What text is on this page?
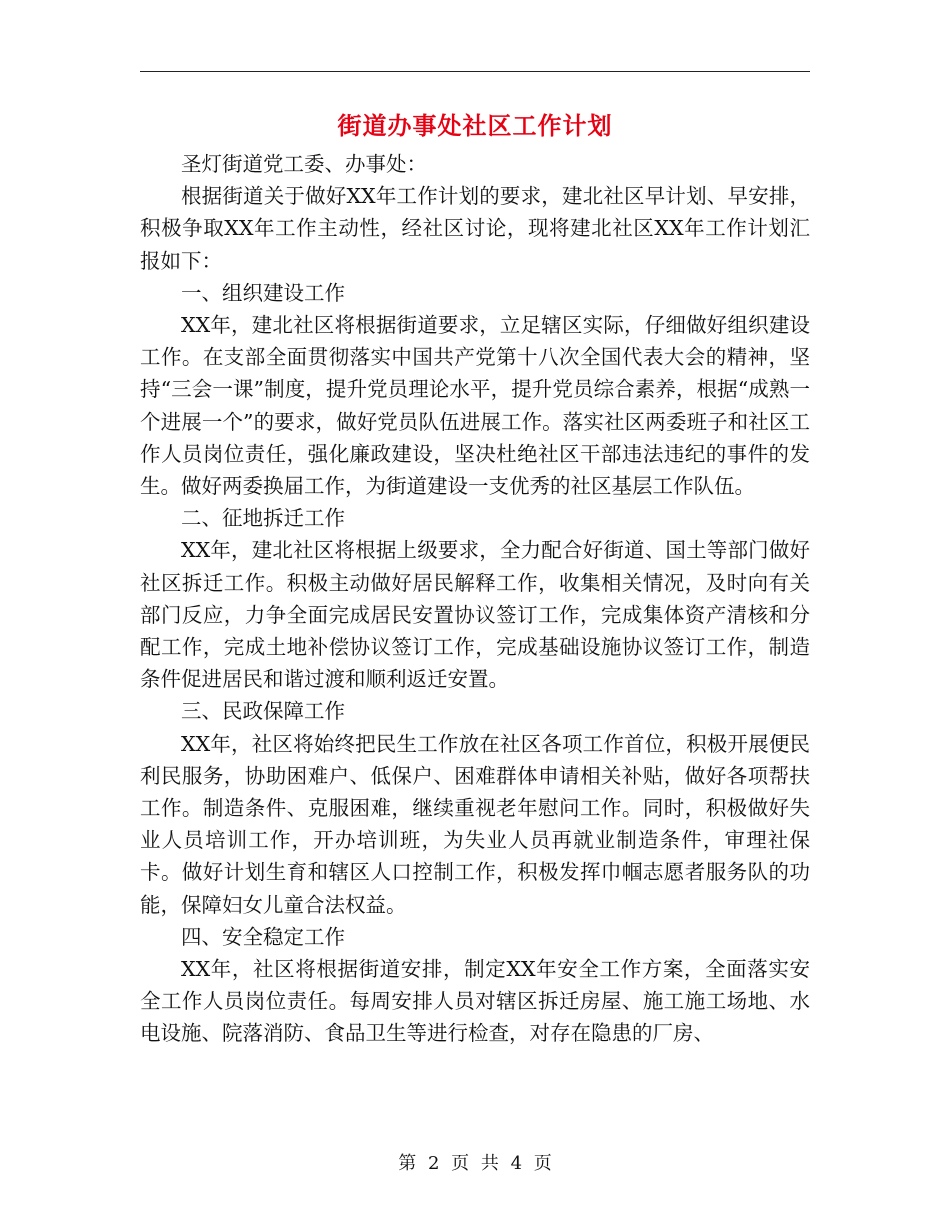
街道办事处社区工作计划

圣灯街道党工委、办事处：

根据街道关于做好XX年工作计划的要求，建北社区早计划、早安排，积极争取XX年工作主动性，经社区讨论，现将建北社区XX年工作计划汇报如下：

一、组织建设工作

XX年，建北社区将根据街道要求，立足辖区实际，仔细做好组织建设工作。在支部全面贯彻落实中国共产党第十八次全国代表大会的精神，坚持“三会一课”制度，提升党员理论水平，提升党员综合素养，根据“成熟一个进展一个”的要求，做好党员队伍进展工作。落实社区两委班子和社区工作人员岗位责任，强化廉政建设，坚决杜绝社区干部违法违纪的事件的发生。做好两委换届工作，为街道建设一支优秀的社区基层工作队伍。

二、征地拆迁工作

XX年，建北社区将根据上级要求，全力配合好街道、国土等部门做好社区拆迁工作。积极主动做好居民解释工作，收集相关情况，及时向有关部门反应，力争全面完成居民安置协议签订工作，完成集体资产清核和分配工作，完成土地补偿协议签订工作，完成基础设施协议签订工作，制造条件促进居民和谐过渡和顺利返迁安置。

三、民政保障工作

XX年，社区将始终把民生工作放在社区各项工作首位，积极开展便民利民服务，协助困难户、低保户、困难群体申请相关补贴，做好各项帮扶工作。制造条件、克服困难，继续重视老年慰问工作。同时，积极做好失业人员培训工作，开办培训班，为失业人员再就业制造条件，审理社保卡。做好计划生育和辖区人口控制工作，积极发挥巾帼志愿者服务队的功能，保障妇女儿童合法权益。

四、安全稳定工作

XX年，社区将根据街道安排，制定XX年安全工作方案，全面落实安全工作人员岗位责任。每周安排人员对辖区拆迁房屋、施工施工场地、水电设施、院落消防、食品卫生等进行检查，对存在隐患的厂房、

第 2 页 共 4 页
